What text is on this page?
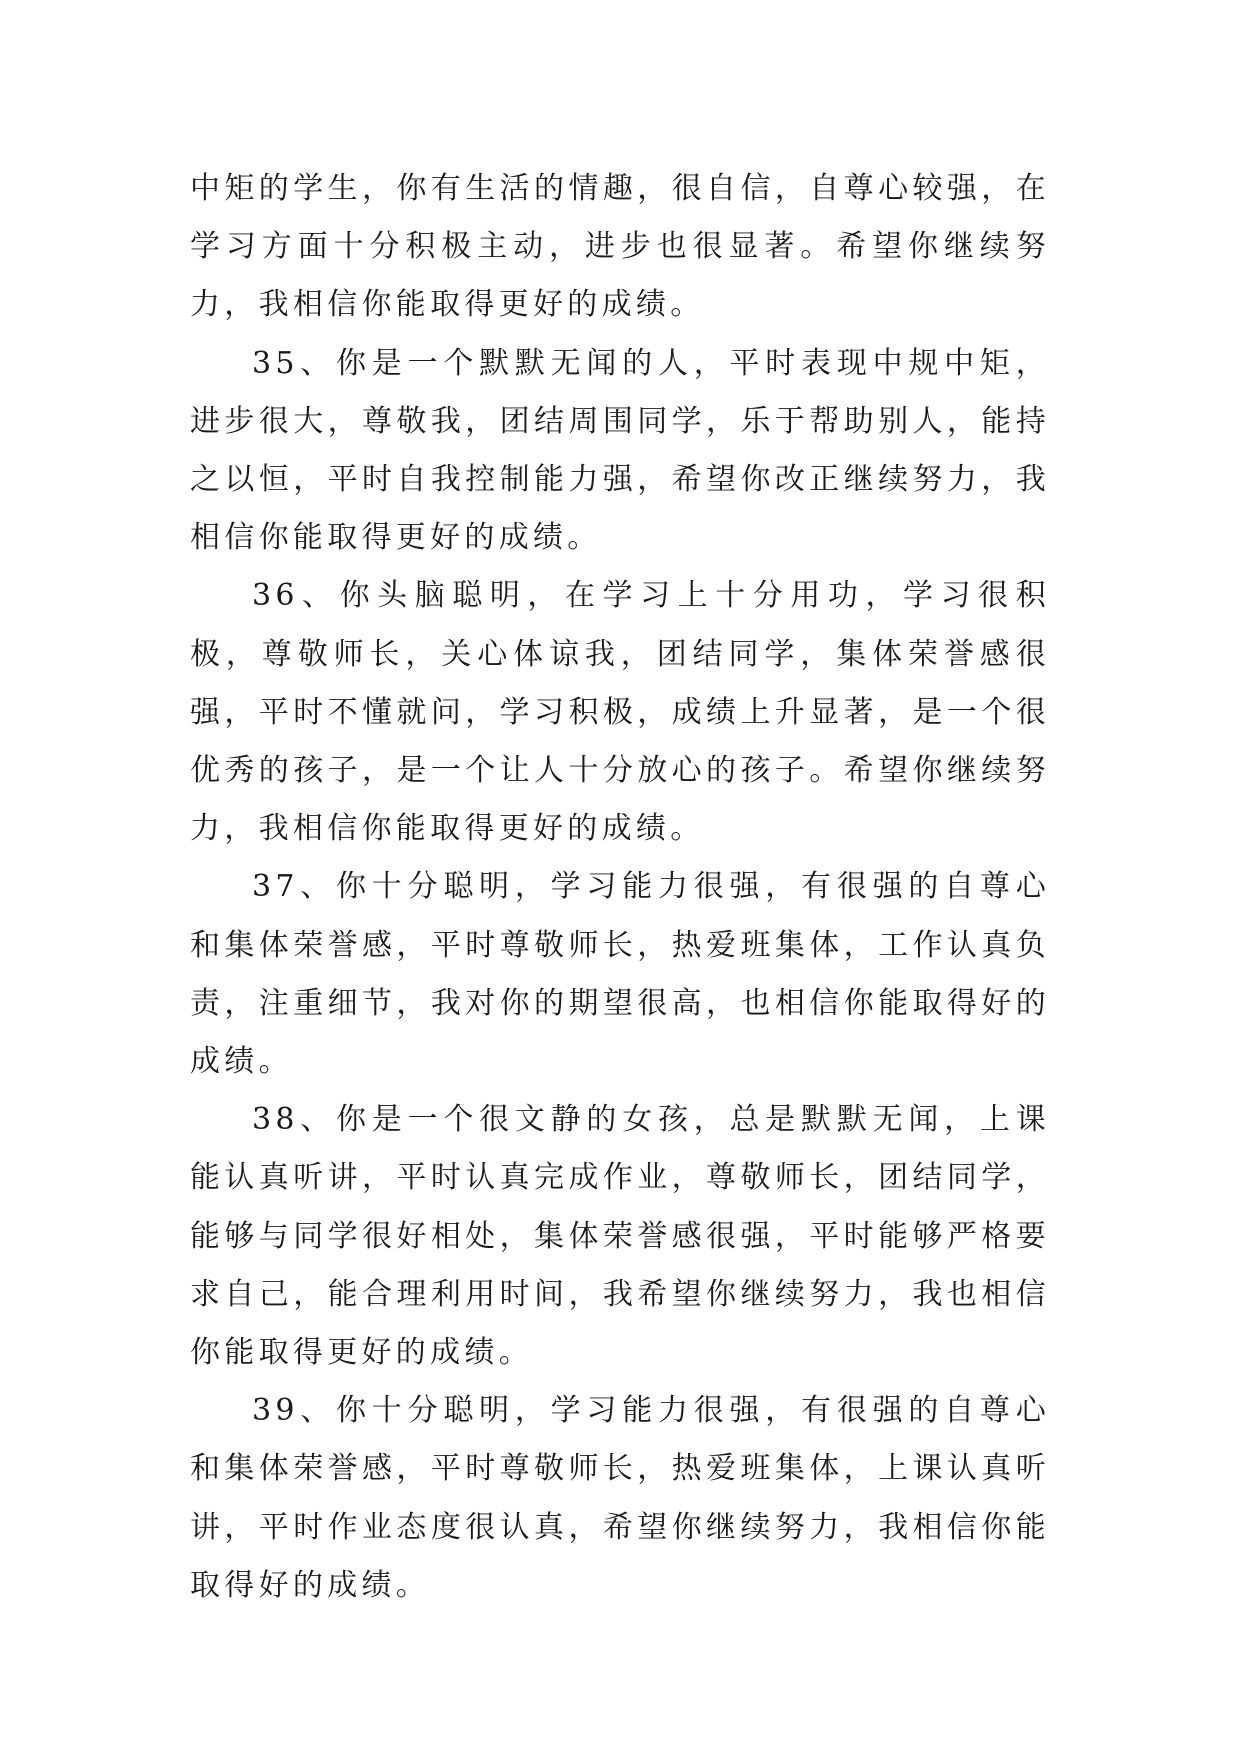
中矩的学生，你有生活的情趣，很自信，自尊心较强，在学习方面十分积极主动，进步也很显著。希望你继续努力，我相信你能取得更好的成绩。

35、你是一个默默无闻的人，平时表现中规中矩，进步很大，尊敬我，团结周围同学，乐于帮助别人，能持之以恒，平时自我控制能力强，希望你改正继续努力，我相信你能取得更好的成绩。

36、你头脑聪明，在学习上十分用功，学习很积极，尊敬师长，关心体谅我，团结同学，集体荣誉感很强，平时不懂就问，学习积极，成绩上升显著，是一个很优秀的孩子，是一个让人十分放心的孩子。希望你继续努力，我相信你能取得更好的成绩。

37、你十分聪明，学习能力很强，有很强的自尊心和集体荣誉感，平时尊敬师长，热爱班集体，工作认真负责，注重细节，我对你的期望很高，也相信你能取得好的成绩。

38、你是一个很文静的女孩，总是默默无闻，上课能认真听讲，平时认真完成作业，尊敬师长，团结同学，能够与同学很好相处，集体荣誉感很强，平时能够严格要求自己，能合理利用时间，我希望你继续努力，我也相信你能取得更好的成绩。

39、你十分聪明，学习能力很强，有很强的自尊心和集体荣誉感，平时尊敬师长，热爱班集体，上课认真听讲，平时作业态度很认真，希望你继续努力，我相信你能取得好的成绩。
